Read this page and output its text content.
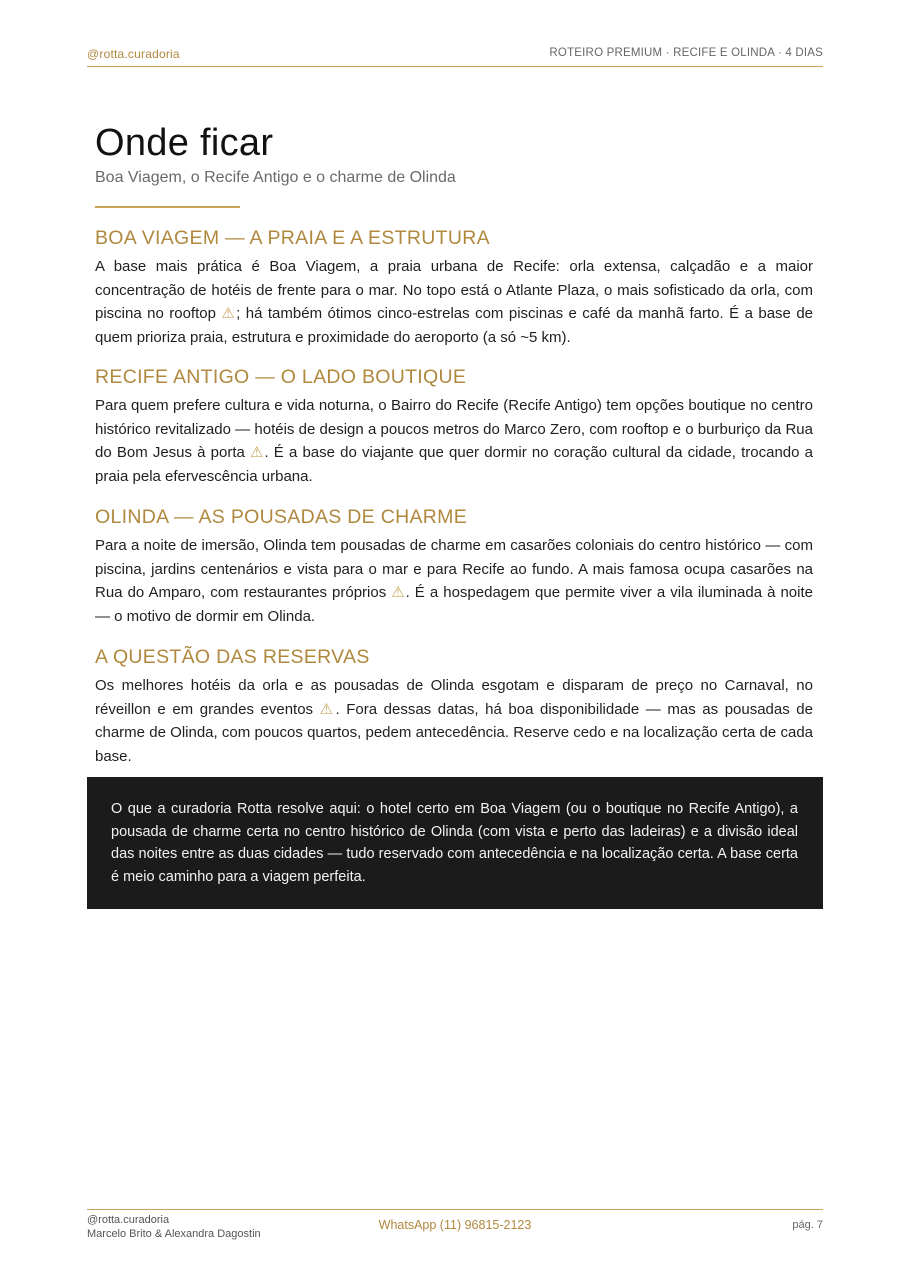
@rotta.curadoria	ROTEIRO PREMIUM · RECIFE E OLINDA · 4 DIAS
Onde ficar
Boa Viagem, o Recife Antigo e o charme de Olinda
BOA VIAGEM — A PRAIA E A ESTRUTURA

A base mais prática é Boa Viagem, a praia urbana de Recife: orla extensa, calçadão e a maior concentração de hotéis de frente para o mar. No topo está o Atlante Plaza, o mais sofisticado da orla, com piscina no rooftop ⚠; há também ótimos cinco-estrelas com piscinas e café da manhã farto. É a base de quem prioriza praia, estrutura e proximidade do aeroporto (a só ~5 km).

RECIFE ANTIGO — O LADO BOUTIQUE

Para quem prefere cultura e vida noturna, o Bairro do Recife (Recife Antigo) tem opções boutique no centro histórico revitalizado — hotéis de design a poucos metros do Marco Zero, com rooftop e o burburiço da Rua do Bom Jesus à porta ⚠. É a base do viajante que quer dormir no coração cultural da cidade, trocando a praia pela efervescência urbana.

OLINDA — AS POUSADAS DE CHARME

Para a noite de imersão, Olinda tem pousadas de charme em casarões coloniais do centro histórico — com piscina, jardins centenários e vista para o mar e para Recife ao fundo. A mais famosa ocupa casarões na Rua do Amparo, com restaurantes próprios ⚠. É a hospedagem que permite viver a vila iluminada à noite — o motivo de dormir em Olinda.

A QUESTÃO DAS RESERVAS

Os melhores hotéis da orla e as pousadas de Olinda esgotam e disparam de preço no Carnaval, no réveillon e em grandes eventos ⚠. Fora dessas datas, há boa disponibilidade — mas as pousadas de charme de Olinda, com poucos quartos, pedem antecedência. Reserve cedo e na localização certa de cada base.

O que a curadoria Rotta resolve aqui: o hotel certo em Boa Viagem (ou o boutique no Recife Antigo), a pousada de charme certa no centro histórico de Olinda (com vista e perto das ladeiras) e a divisão ideal das noites entre as duas cidades — tudo reservado com antecedência e na localização certa. A base certa é meio caminho para a viagem perfeita.

@rotta.curadoria
Marcelo Brito & Alexandra Dagostin
WhatsApp (11) 96815-2123	pág. 7
